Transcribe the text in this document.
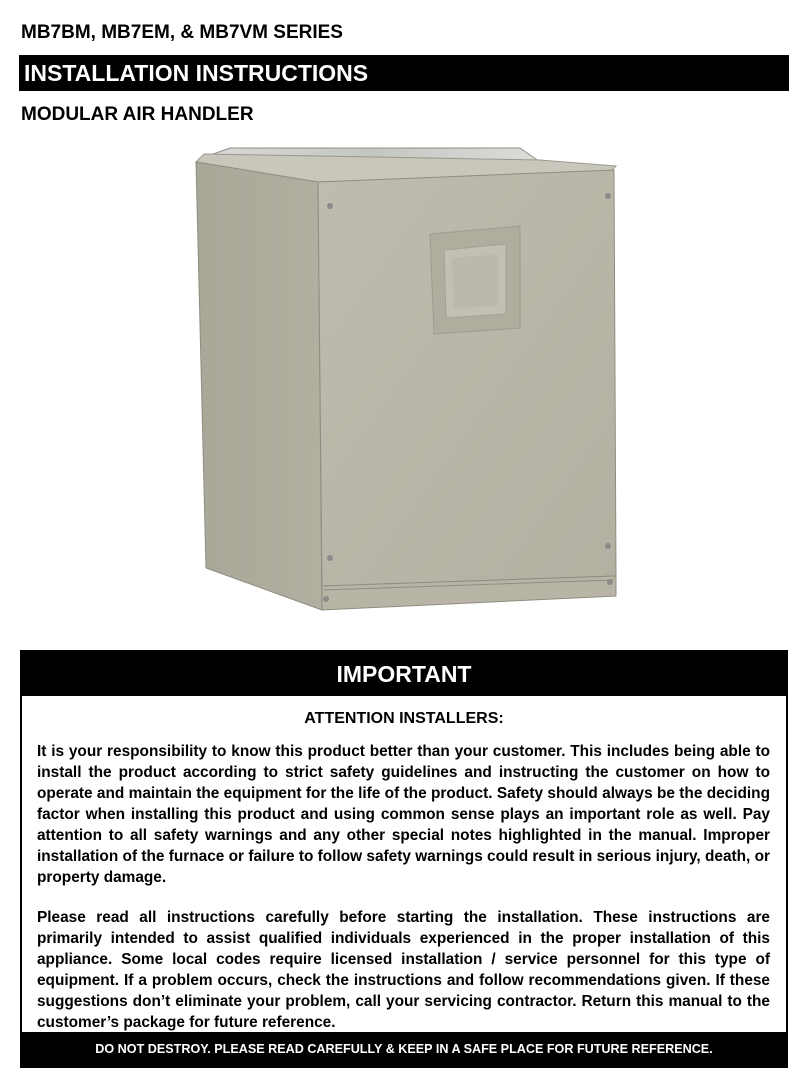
MB7BM, MB7EM, & MB7VM SERIES
INSTALLATION INSTRUCTIONS
MODULAR AIR HANDLER
IMPORTANT
ATTENTION INSTALLERS:

It is your responsibility to know this product better than your customer. This includes being able to install the product according to strict safety guidelines and instructing the customer on how to operate and maintain the equipment for the life of the product. Safety should always be the deciding factor when installing this product and using common sense plays an important role as well. Pay attention to all safety warnings and any other special notes highlighted in the manual. Improper installation of the furnace or failure to follow safety warnings could result in serious injury, death, or property damage.

Please read all instructions carefully before starting the installation. These instructions are primarily intended to assist qualified individuals experienced in the proper installation of this appliance. Some local codes require licensed installation / service personnel for this type of equipment. If a problem occurs, check the instructions and follow recommendations given. If these suggestions don’t eliminate your problem, call your servicing contractor. Return this manual to the customer’s package for future reference.

DO NOT DESTROY. PLEASE READ CAREFULLY & KEEP IN A SAFE PLACE FOR FUTURE REFERENCE.
